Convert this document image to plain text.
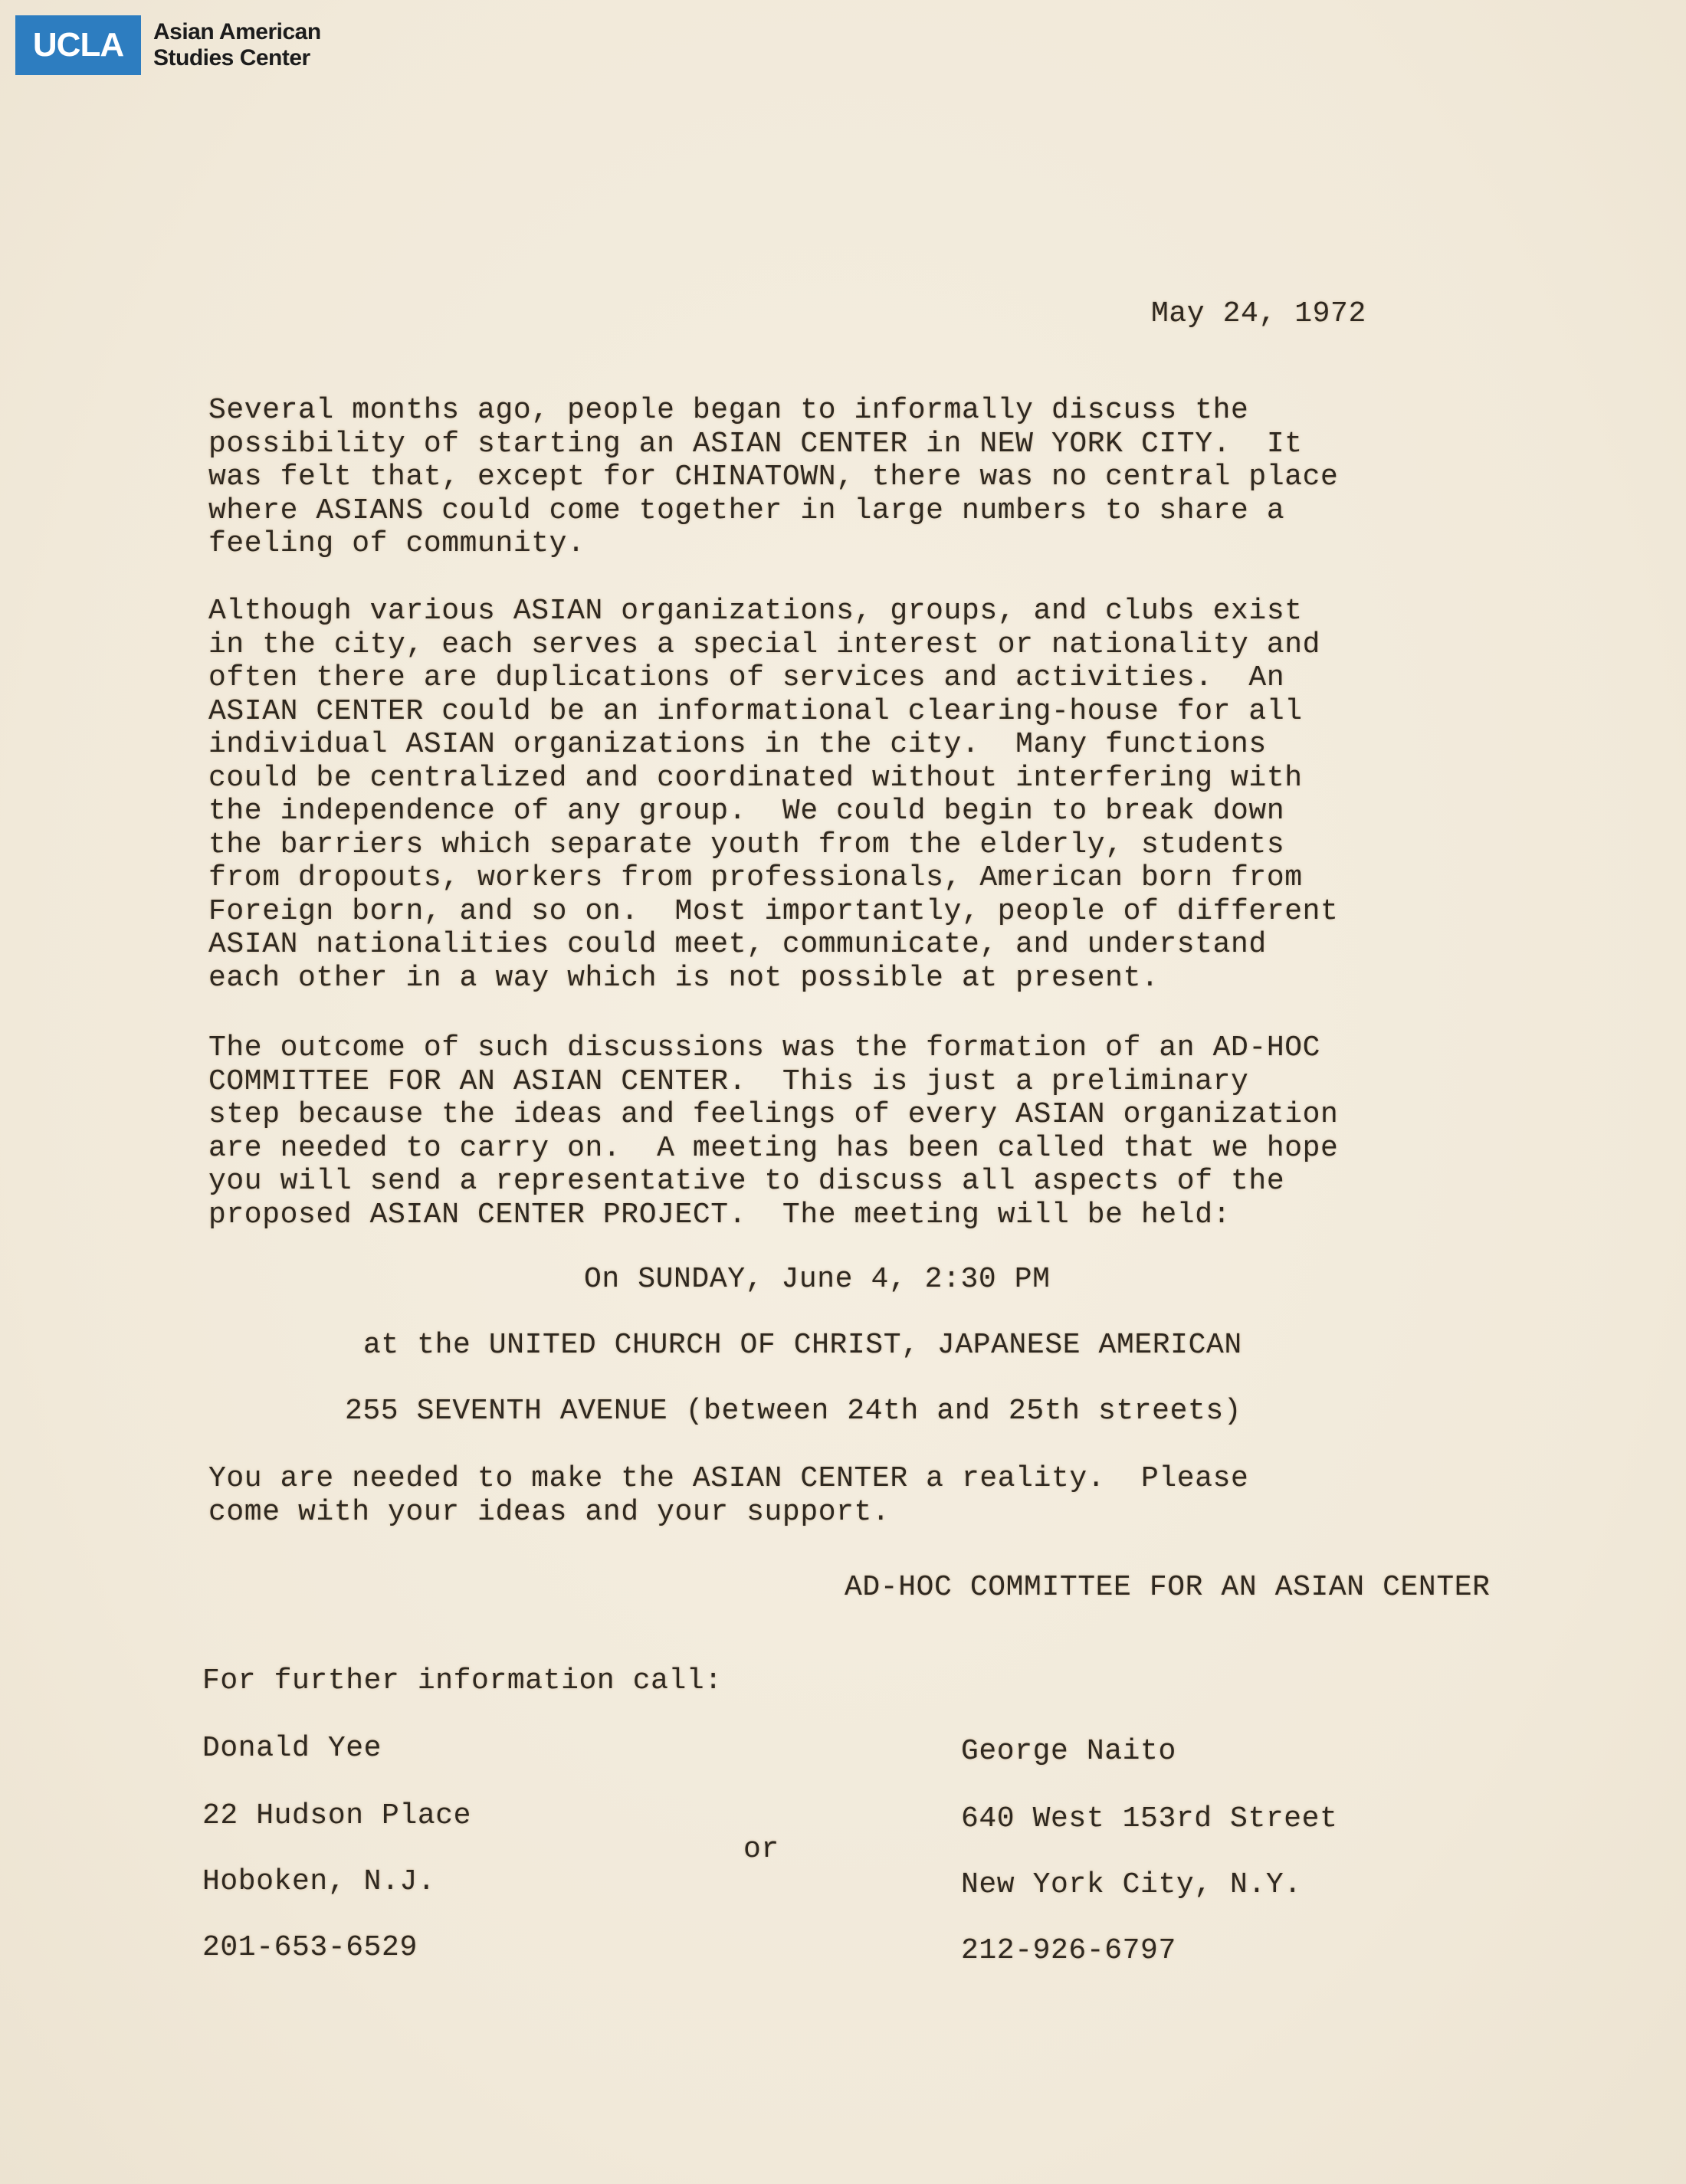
UCLA	Asian American
Studies Center
May 24, 1972
Several months ago, people began to informally discuss the
possibility of starting an ASIAN CENTER in NEW YORK CITY.  It
was felt that, except for CHINATOWN, there was no central place
where ASIANS could come together in large numbers to share a
feeling of community.
Although various ASIAN organizations, groups, and clubs exist
in the city, each serves a special interest or nationality and
often there are duplications of services and activities.  An
ASIAN CENTER could be an informational clearing-house for all
individual ASIAN organizations in the city.  Many functions
could be centralized and coordinated without interfering with
the independence of any group.  We could begin to break down
the barriers which separate youth from the elderly, students
from dropouts, workers from professionals, American born from
Foreign born, and so on.  Most importantly, people of different
ASIAN nationalities could meet, communicate, and understand
each other in a way which is not possible at present.
The outcome of such discussions was the formation of an AD-HOC
COMMITTEE FOR AN ASIAN CENTER.  This is just a preliminary
step because the ideas and feelings of every ASIAN organization
are needed to carry on.  A meeting has been called that we hope
you will send a representative to discuss all aspects of the
proposed ASIAN CENTER PROJECT.  The meeting will be held:
On SUNDAY, June 4, 2:30 PM
at the UNITED CHURCH OF CHRIST, JAPANESE AMERICAN
255 SEVENTH AVENUE (between 24th and 25th streets)
You are needed to make the ASIAN CENTER a reality.  Please
come with your ideas and your support.
AD-HOC COMMITTEE FOR AN ASIAN CENTER
For further information call:
Donald Yee
22 Hudson Place
Hoboken, N.J.
201-653-6529
or
George Naito
640 West 153rd Street
New York City, N.Y.
212-926-6797
